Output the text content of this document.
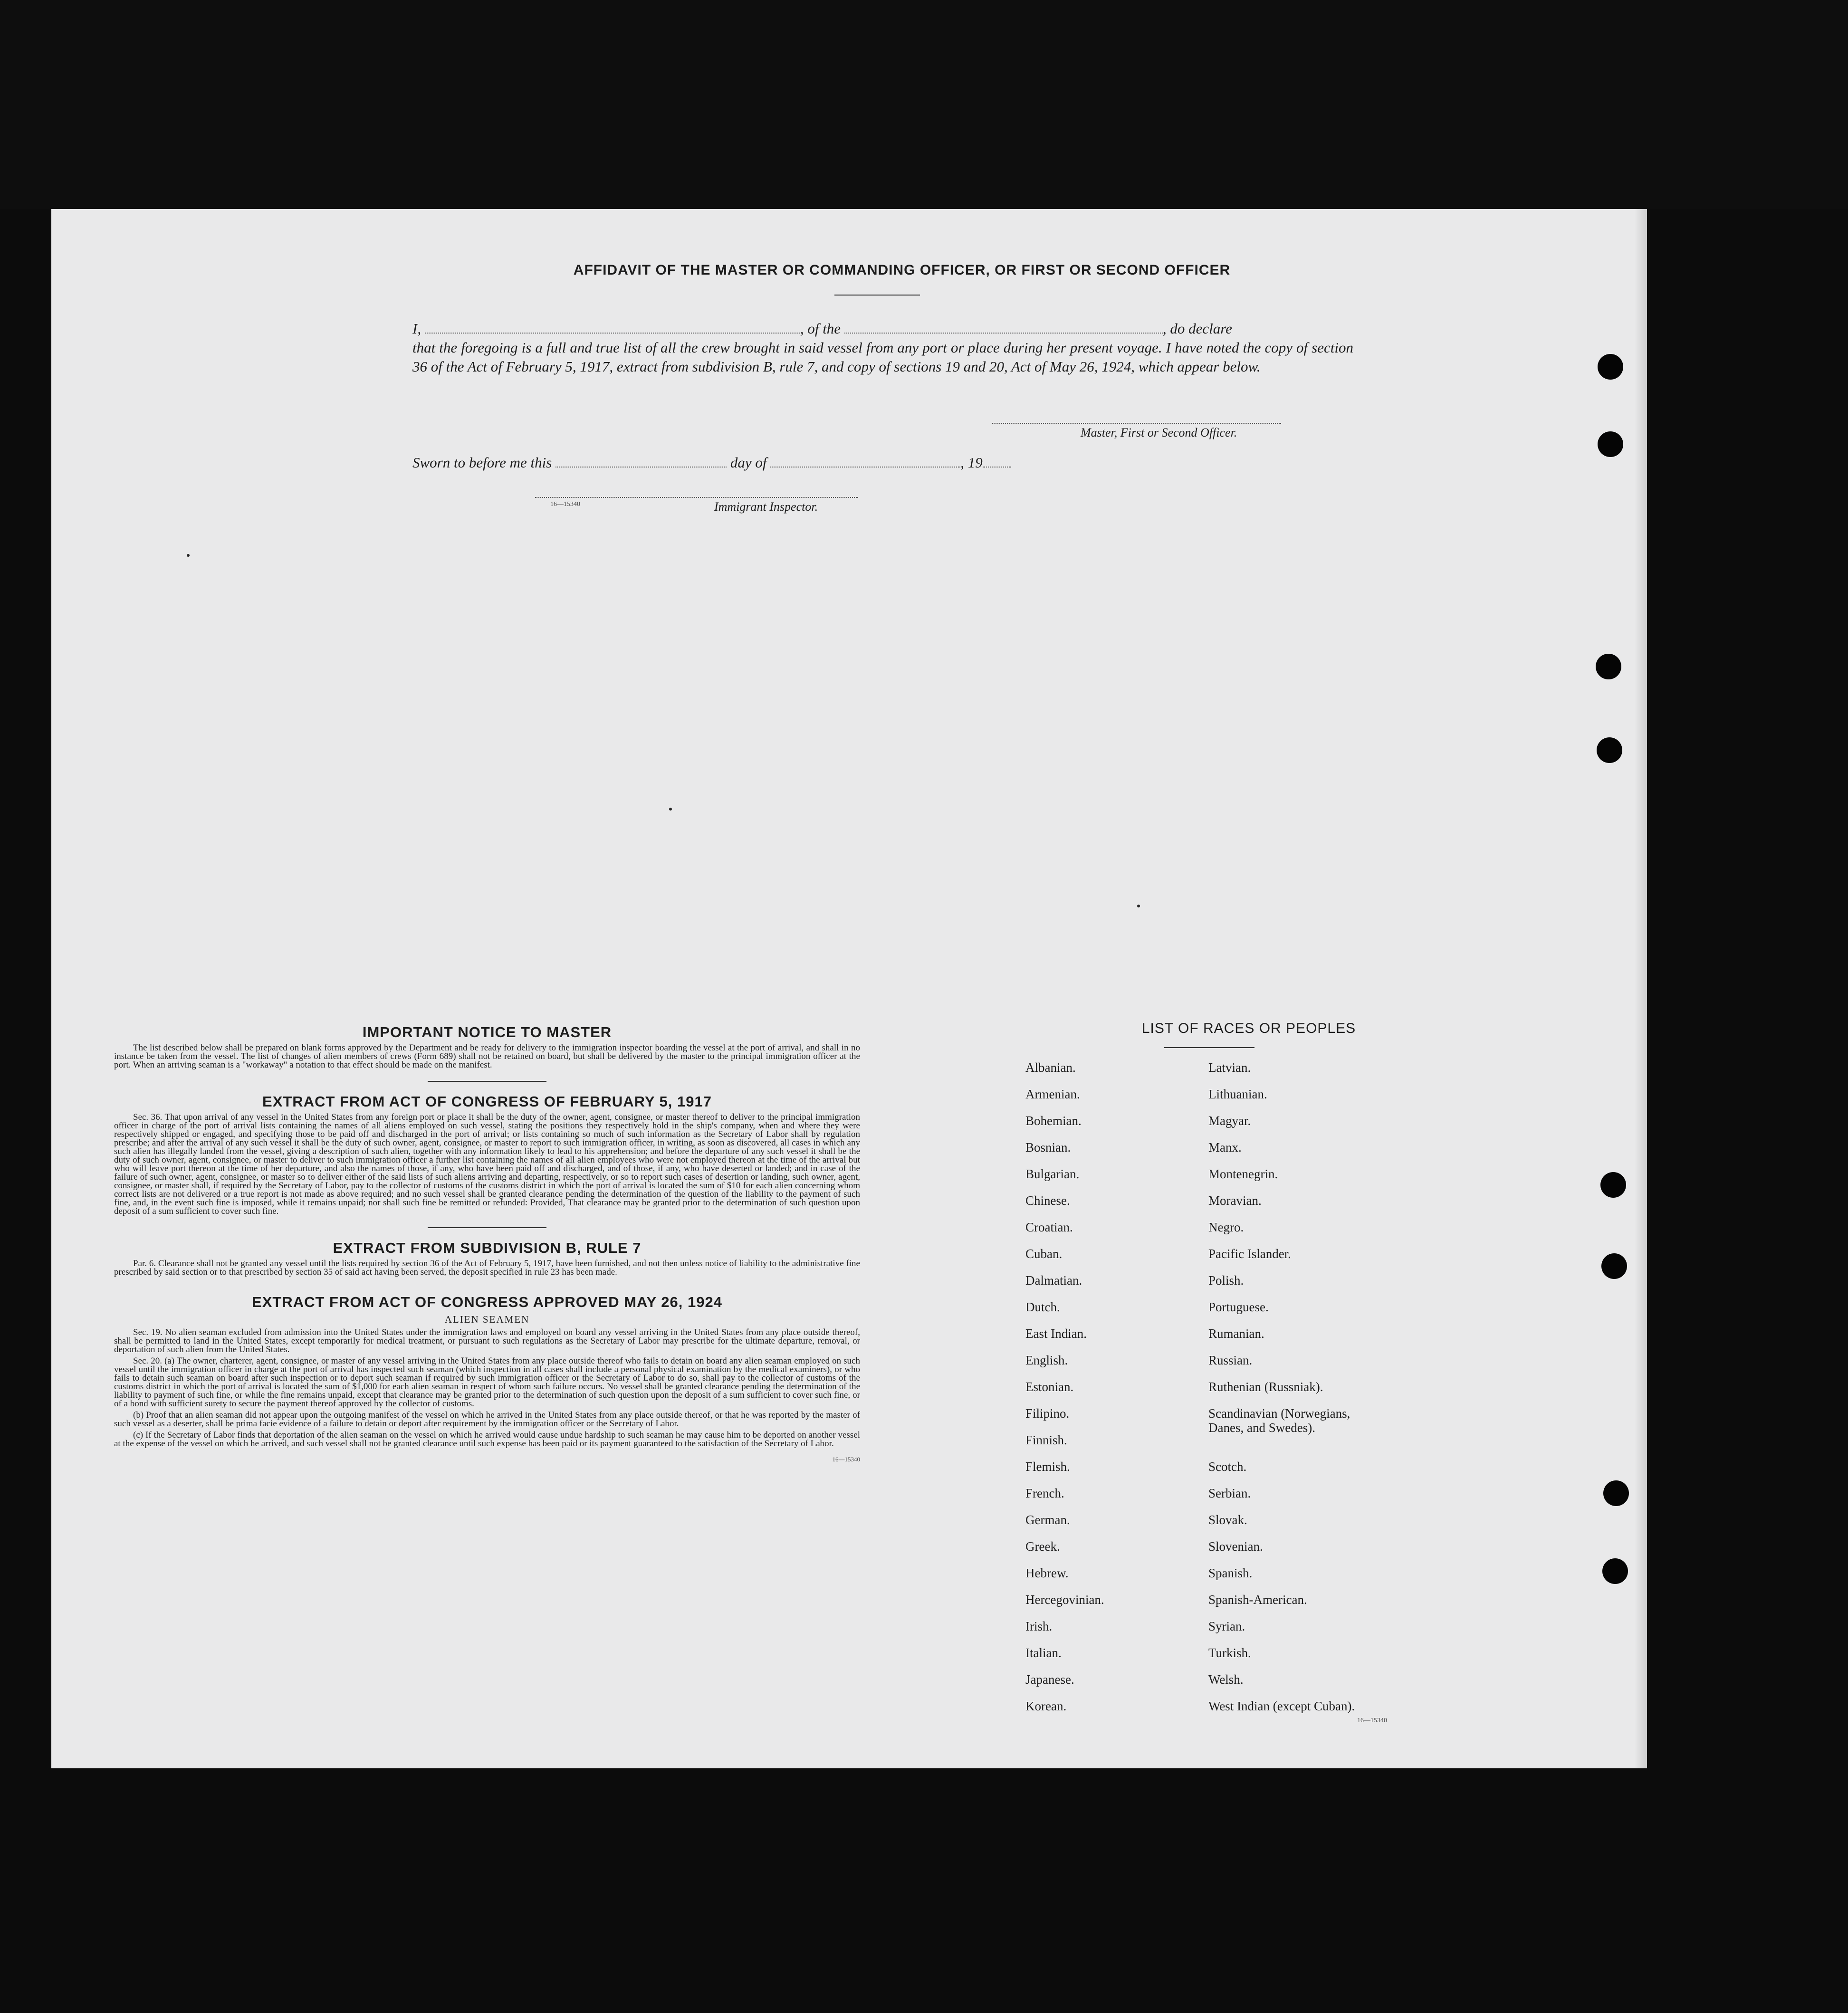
AFFIDAVIT OF THE MASTER OR COMMANDING OFFICER, OR FIRST OR SECOND OFFICER
I,	, of the	, do declare
that the foregoing is a full and true list of all the crew brought in said vessel from any port or place during her present voyage. I have noted the copy of section 36 of the Act of February 5, 1917, extract from subdivision B, rule 7, and copy of sections 19 and 20, Act of May 26, 1924, which appear below.
Master, First or Second Officer.
Sworn to before me this	day of	, 19
16—15340	Immigrant Inspector.
IMPORTANT NOTICE TO MASTER

The list described below shall be prepared on blank forms approved by the Department and be ready for delivery to the immigration inspector boarding the vessel at the port of arrival, and shall in no instance be taken from the vessel. The list of changes of alien members of crews (Form 689) shall not be retained on board, but shall be delivered by the master to the principal immigration officer at the port. When an arriving seaman is a "workaway" a notation to that effect should be made on the manifest.

EXTRACT FROM ACT OF CONGRESS OF FEBRUARY 5, 1917

Sec. 36. That upon arrival of any vessel in the United States from any foreign port or place it shall be the duty of the owner, agent, consignee, or master thereof to deliver to the principal immigration officer in charge of the port of arrival lists containing the names of all aliens employed on such vessel, stating the positions they respectively hold in the ship's company, when and where they were respectively shipped or engaged, and specifying those to be paid off and discharged in the port of arrival; or lists containing so much of such information as the Secretary of Labor shall by regulation prescribe; and after the arrival of any such vessel it shall be the duty of such owner, agent, consignee, or master to report to such immigration officer, in writing, as soon as discovered, all cases in which any such alien has illegally landed from the vessel, giving a description of such alien, together with any information likely to lead to his apprehension; and before the departure of any such vessel it shall be the duty of such owner, agent, consignee, or master to deliver to such immigration officer a further list containing the names of all alien employees who were not employed thereon at the time of the arrival but who will leave port thereon at the time of her departure, and also the names of those, if any, who have been paid off and discharged, and of those, if any, who have deserted or landed; and in case of the failure of such owner, agent, consignee, or master so to deliver either of the said lists of such aliens arriving and departing, respectively, or so to report such cases of desertion or landing, such owner, agent, consignee, or master shall, if required by the Secretary of Labor, pay to the collector of customs of the customs district in which the port of arrival is located the sum of $10 for each alien concerning whom correct lists are not delivered or a true report is not made as above required; and no such vessel shall be granted clearance pending the determination of the question of the liability to the payment of such fine, and, in the event such fine is imposed, while it remains unpaid; nor shall such fine be remitted or refunded: Provided, That clearance may be granted prior to the determination of such question upon deposit of a sum sufficient to cover such fine.

EXTRACT FROM SUBDIVISION B, RULE 7

Par. 6. Clearance shall not be granted any vessel until the lists required by section 36 of the Act of February 5, 1917, have been furnished, and not then unless notice of liability to the administrative fine prescribed by said section or to that prescribed by section 35 of said act having been served, the deposit specified in rule 23 has been made.

EXTRACT FROM ACT OF CONGRESS APPROVED MAY 26, 1924
ALIEN SEAMEN

Sec. 19. No alien seaman excluded from admission into the United States under the immigration laws and employed on board any vessel arriving in the United States from any place outside thereof, shall be permitted to land in the United States, except temporarily for medical treatment, or pursuant to such regulations as the Secretary of Labor may prescribe for the ultimate departure, removal, or deportation of such alien from the United States.

Sec. 20. (a) The owner, charterer, agent, consignee, or master of any vessel arriving in the United States from any place outside thereof who fails to detain on board any alien seaman employed on such vessel until the immigration officer in charge at the port of arrival has inspected such seaman (which inspection in all cases shall include a personal physical examination by the medical examiners), or who fails to detain such seaman on board after such inspection or to deport such seaman if required by such immigration officer or the Secretary of Labor to do so, shall pay to the collector of customs of the customs district in which the port of arrival is located the sum of $1,000 for each alien seaman in respect of whom such failure occurs. No vessel shall be granted clearance pending the determination of the liability to payment of such fine, or while the fine remains unpaid, except that clearance may be granted prior to the determination of such question upon the deposit of a sum sufficient to cover such fine, or of a bond with sufficient surety to secure the payment thereof approved by the collector of customs.

(b) Proof that an alien seaman did not appear upon the outgoing manifest of the vessel on which he arrived in the United States from any place outside thereof, or that he was reported by the master of such vessel as a deserter, shall be prima facie evidence of a failure to detain or deport after requirement by the immigration officer or the Secretary of Labor.

(c) If the Secretary of Labor finds that deportation of the alien seaman on the vessel on which he arrived would cause undue hardship to such seaman he may cause him to be deported on another vessel at the expense of the vessel on which he arrived, and such vessel shall not be granted clearance until such expense has been paid or its payment guaranteed to the satisfaction of the Secretary of Labor.

16—15340
LIST OF RACES OR PEOPLES
Albanian.	Latvian.
Armenian.	Lithuanian.
Bohemian.	Magyar.
Bosnian.	Manx.
Bulgarian.	Montenegrin.
Chinese.	Moravian.
Croatian.	Negro.
Cuban.	Pacific Islander.
Dalmatian.	Polish.
Dutch.	Portuguese.
East Indian.	Rumanian.
English.	Russian.
Estonian.	Ruthenian (Russniak).
Filipino.	Scandinavian (Norwegians,
Danes, and Swedes).
Finnish.
Flemish.	Scotch.
French.	Serbian.
German.	Slovak.
Greek.	Slovenian.
Hebrew.	Spanish.
Hercegovinian.	Spanish-American.
Irish.	Syrian.
Italian.	Turkish.
Japanese.	Welsh.
Korean.	West Indian (except Cuban).
16—15340
